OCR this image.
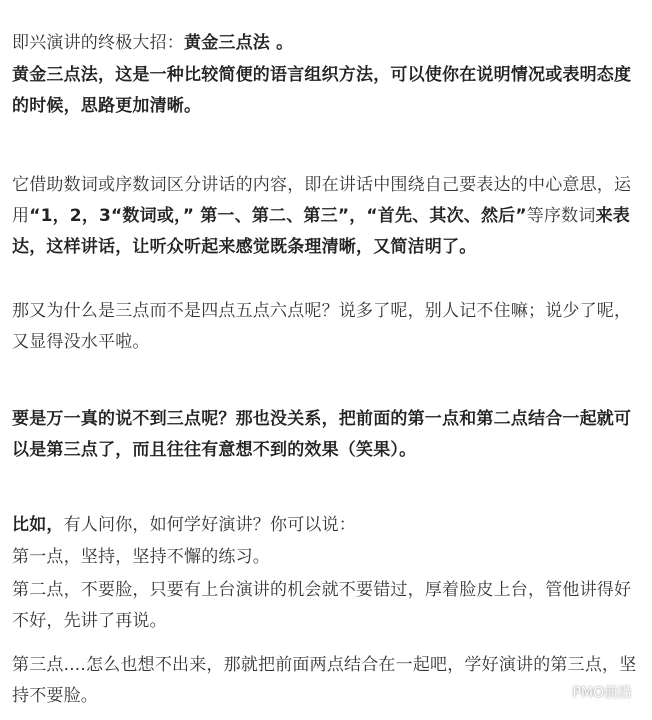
即兴演讲的终极大招：黄金三点法 。
黄金三点法，这是一种比较简便的语言组织方法，可以使你在说明情况或表明态度的时候，思路更加清晰。
它借助数词或序数词区分讲话的内容，即在讲话中围绕自己要表达的中心意思，运用“1，2，3“数词或，” 第一、第二、第三”，“首先、其次、然后”等序数词来表达，这样讲话，让听众听起来感觉既条理清晰，又简洁明了。
那又为什么是三点而不是四点五点六点呢？说多了呢，别人记不住嘛；说少了呢，又显得没水平啦。
要是万一真的说不到三点呢？那也没关系，把前面的第一点和第二点结合一起就可以是第三点了，而且往往有意想不到的效果（笑果）。
比如，有人问你，如何学好演讲？你可以说：
第一点，坚持，坚持不懈的练习。
第二点，不要脸，只要有上台演讲的机会就不要错过，厚着脸皮上台，管他讲得好不好，先讲了再说。
第三点....怎么也想不出来，那就把前面两点结合在一起吧，学好演讲的第三点，坚持不要脸。	PMO前沿
